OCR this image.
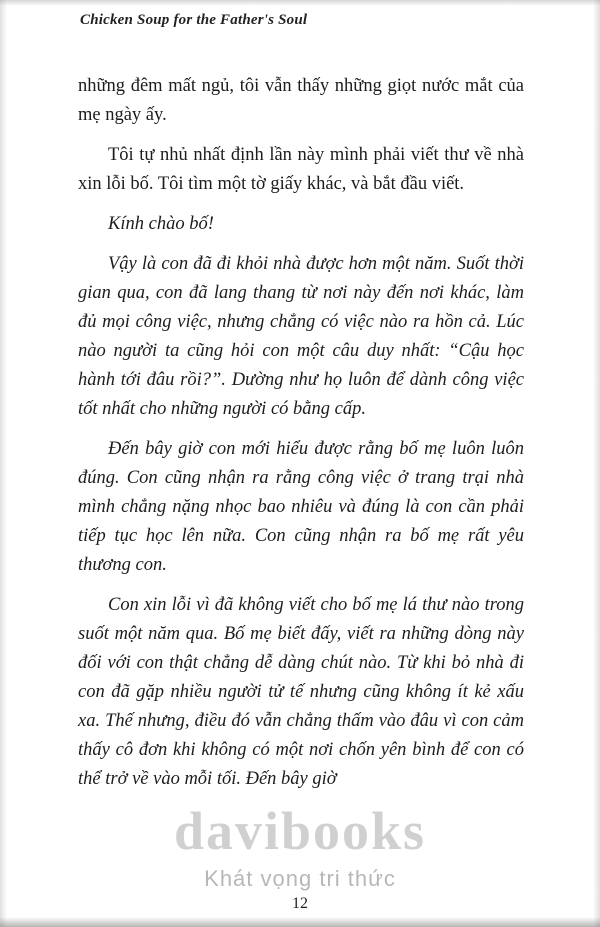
Chicken Soup for the Father's Soul

những đêm mất ngủ, tôi vẫn thấy những giọt nước mắt của mẹ ngày ấy.

Tôi tự nhủ nhất định lần này mình phải viết thư về nhà xin lỗi bố. Tôi tìm một tờ giấy khác, và bắt đầu viết.

Kính chào bố!

Vậy là con đã đi khỏi nhà được hơn một năm. Suốt thời gian qua, con đã lang thang từ nơi này đến nơi khác, làm đủ mọi công việc, nhưng chẳng có việc nào ra hồn cả. Lúc nào người ta cũng hỏi con một câu duy nhất: “Cậu học hành tới đâu rồi?”. Dường như họ luôn để dành công việc tốt nhất cho những người có bằng cấp.

Đến bây giờ con mới hiểu được rằng bố mẹ luôn luôn đúng. Con cũng nhận ra rằng công việc ở trang trại nhà mình chẳng nặng nhọc bao nhiêu và đúng là con cần phải tiếp tục học lên nữa. Con cũng nhận ra bố mẹ rất yêu thương con.

Con xin lỗi vì đã không viết cho bố mẹ lá thư nào trong suốt một năm qua. Bố mẹ biết đấy, viết ra những dòng này đối với con thật chẳng dễ dàng chút nào. Từ khi bỏ nhà đi con đã gặp nhiều người tử tế nhưng cũng không ít kẻ xấu xa. Thế nhưng, điều đó vẫn chẳng thấm vào đâu vì con cảm thấy cô đơn khi không có một nơi chốn yên bình để con có thể trở về vào mỗi tối. Đến bây giờ

davibooks
Khát vọng tri thức
12
